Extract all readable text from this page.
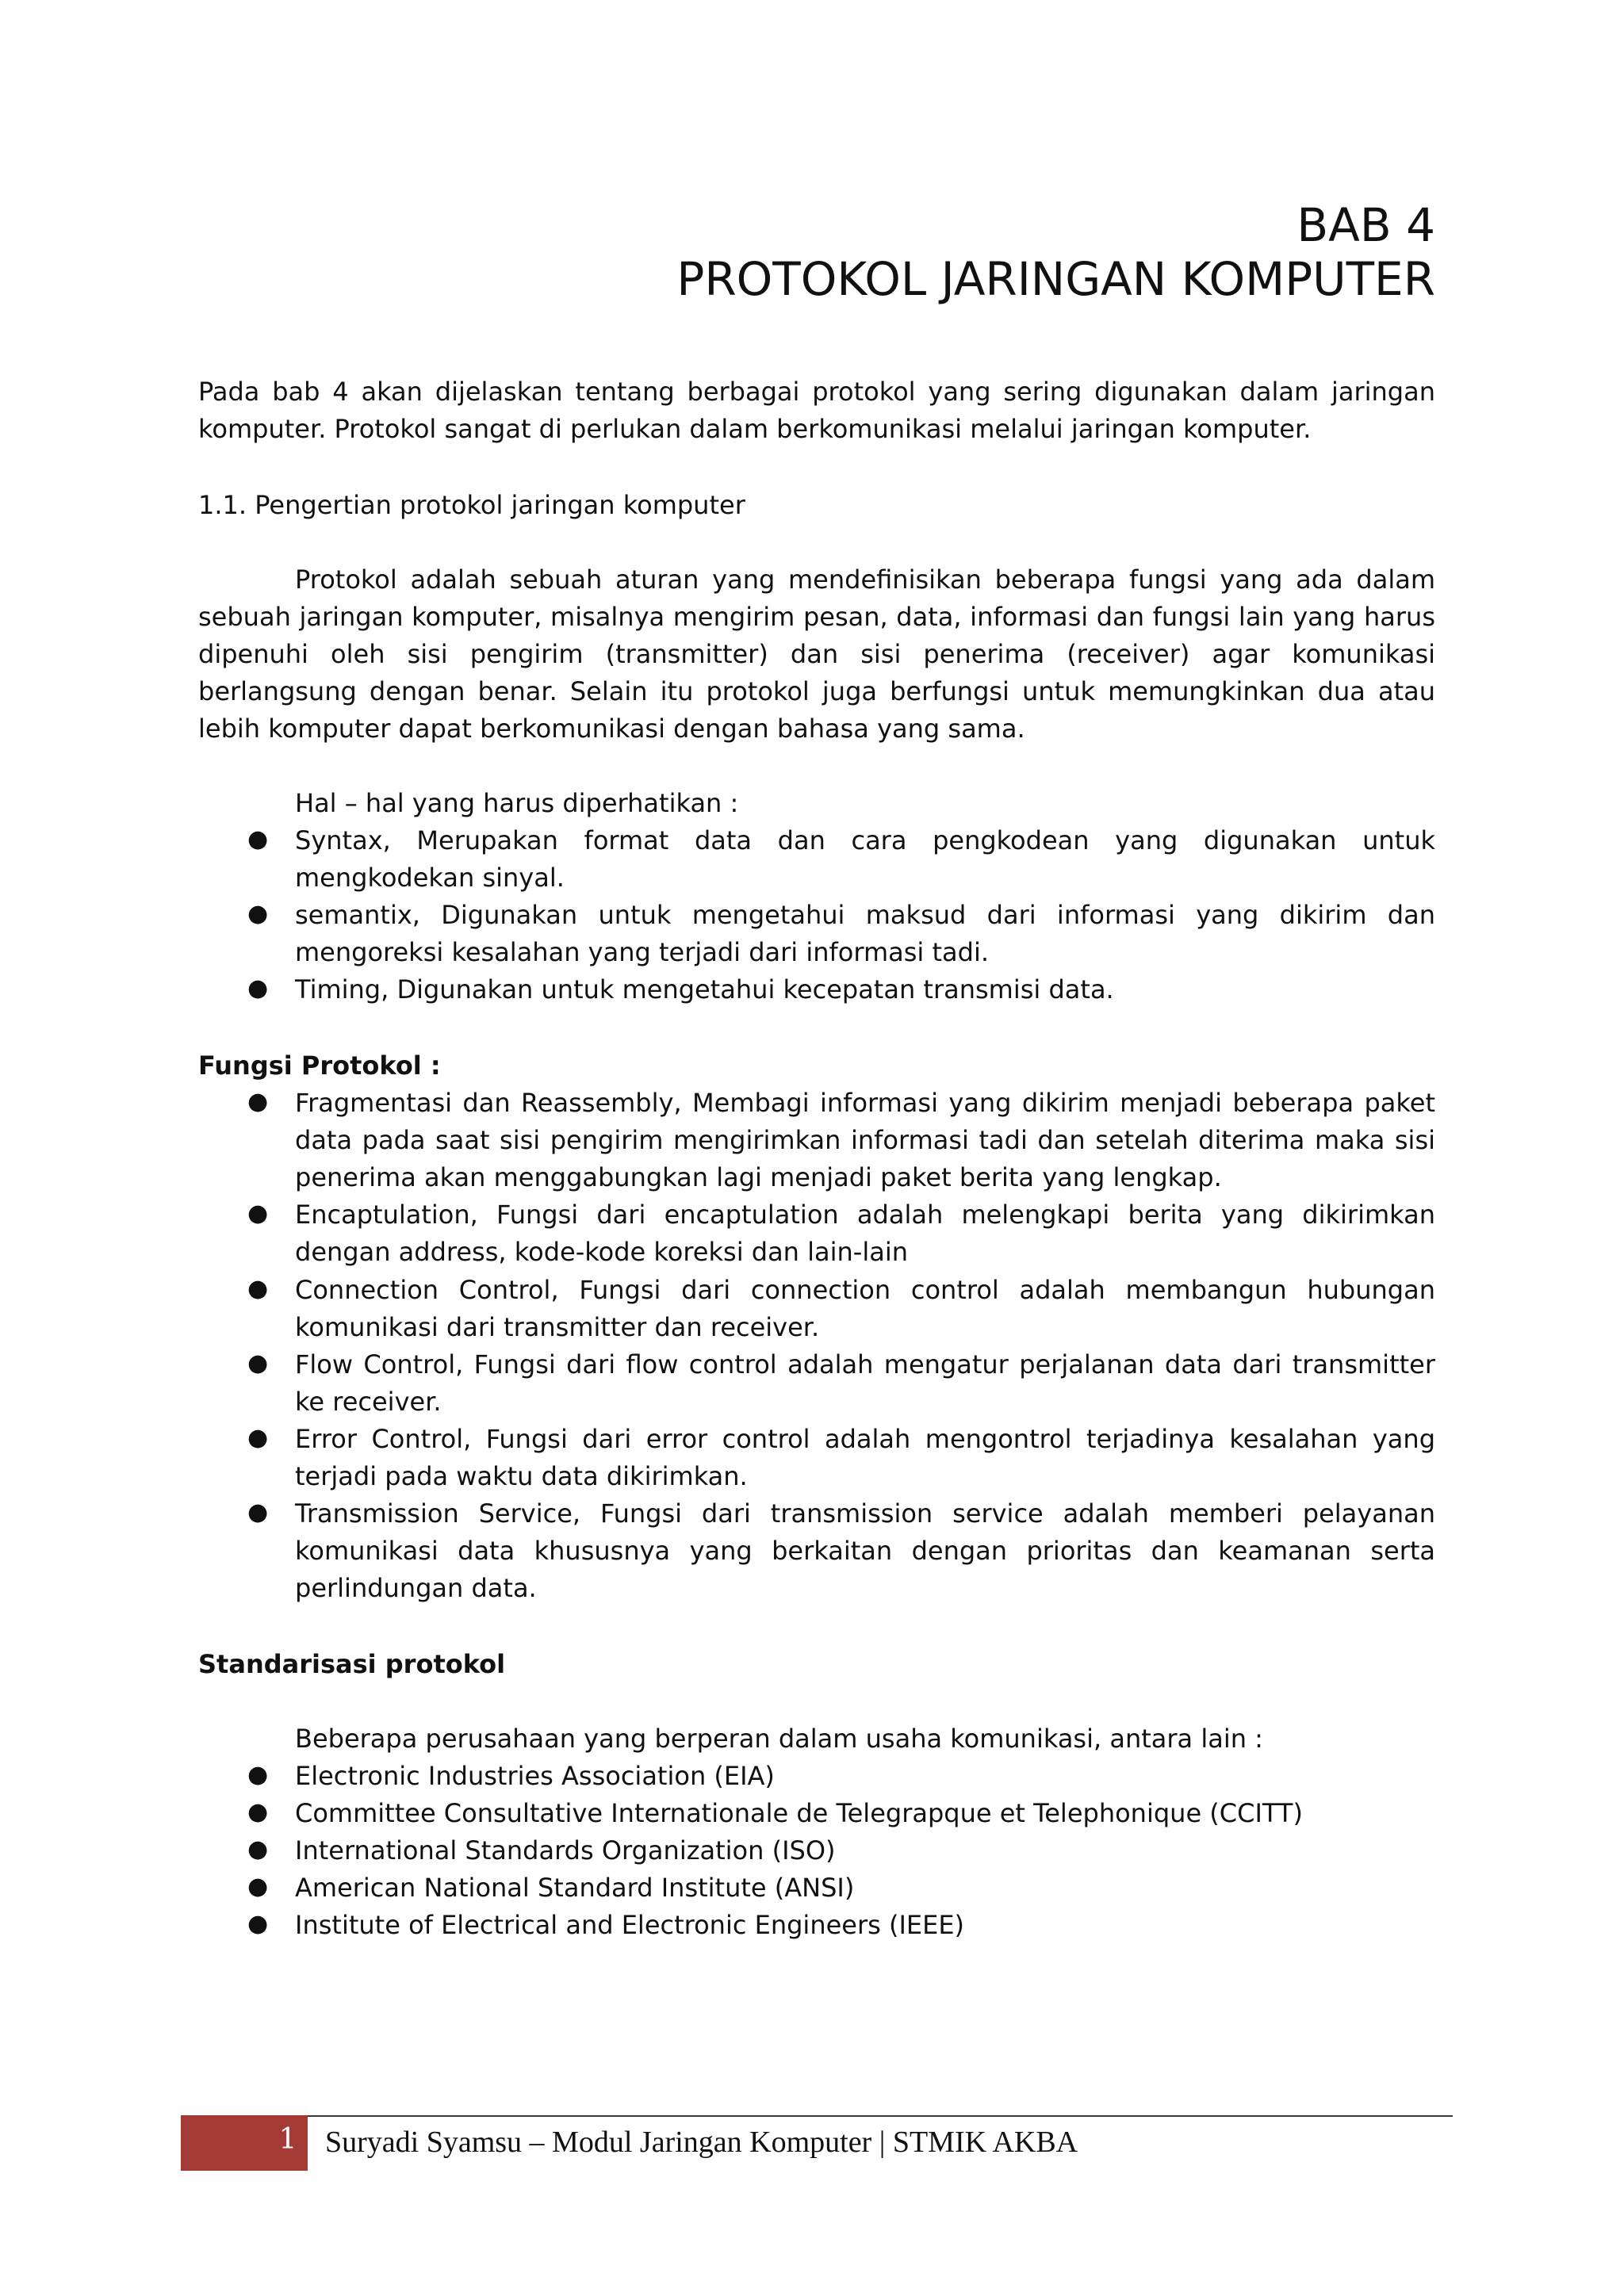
BAB 4
PROTOKOL JARINGAN KOMPUTER

Pada bab 4 akan dijelaskan tentang berbagai protokol yang sering digunakan dalam jaringan komputer. Protokol sangat di perlukan dalam berkomunikasi melalui jaringan komputer.

1.1. Pengertian protokol jaringan komputer

Protokol adalah sebuah aturan yang mendefinisikan beberapa fungsi yang ada dalam sebuah jaringan komputer, misalnya mengirim pesan, data, informasi dan fungsi lain yang harus dipenuhi oleh sisi pengirim (transmitter) dan sisi penerima (receiver) agar komunikasi berlangsung dengan benar. Selain itu protokol juga berfungsi untuk memungkinkan dua atau lebih komputer dapat berkomunikasi dengan bahasa yang sama.

Hal – hal yang harus diperhatikan :

● Syntax, Merupakan format data dan cara pengkodean yang digunakan untuk mengkodekan sinyal.
● semantix, Digunakan untuk mengetahui maksud dari informasi yang dikirim dan mengoreksi kesalahan yang terjadi dari informasi tadi.
● Timing, Digunakan untuk mengetahui kecepatan transmisi data.

Fungsi Protokol :

● Fragmentasi dan Reassembly, Membagi informasi yang dikirim menjadi beberapa paket data pada saat sisi pengirim mengirimkan informasi tadi dan setelah diterima maka sisi penerima akan menggabungkan lagi menjadi paket berita yang lengkap.
● Encaptulation, Fungsi dari encaptulation adalah melengkapi berita yang dikirimkan dengan address, kode-kode koreksi dan lain-lain
● Connection Control, Fungsi dari connection control adalah membangun hubungan komunikasi dari transmitter dan receiver.
● Flow Control, Fungsi dari flow control adalah mengatur perjalanan data dari transmitter ke receiver.
● Error Control, Fungsi dari error control adalah mengontrol terjadinya kesalahan yang terjadi pada waktu data dikirimkan.
● Transmission Service, Fungsi dari transmission service adalah memberi pelayanan komunikasi data khususnya yang berkaitan dengan prioritas dan keamanan serta perlindungan data.

Standarisasi protokol

Beberapa perusahaan yang berperan dalam usaha komunikasi, antara lain :

● Electronic Industries Association (EIA)
● Committee Consultative Internationale de Telegrapque et Telephonique (CCITT)
● International Standards Organization (ISO)
● American National Standard Institute (ANSI)
● Institute of Electrical and Electronic Engineers (IEEE)
1 Suryadi Syamsu – Modul Jaringan Komputer | STMIK AKBA
